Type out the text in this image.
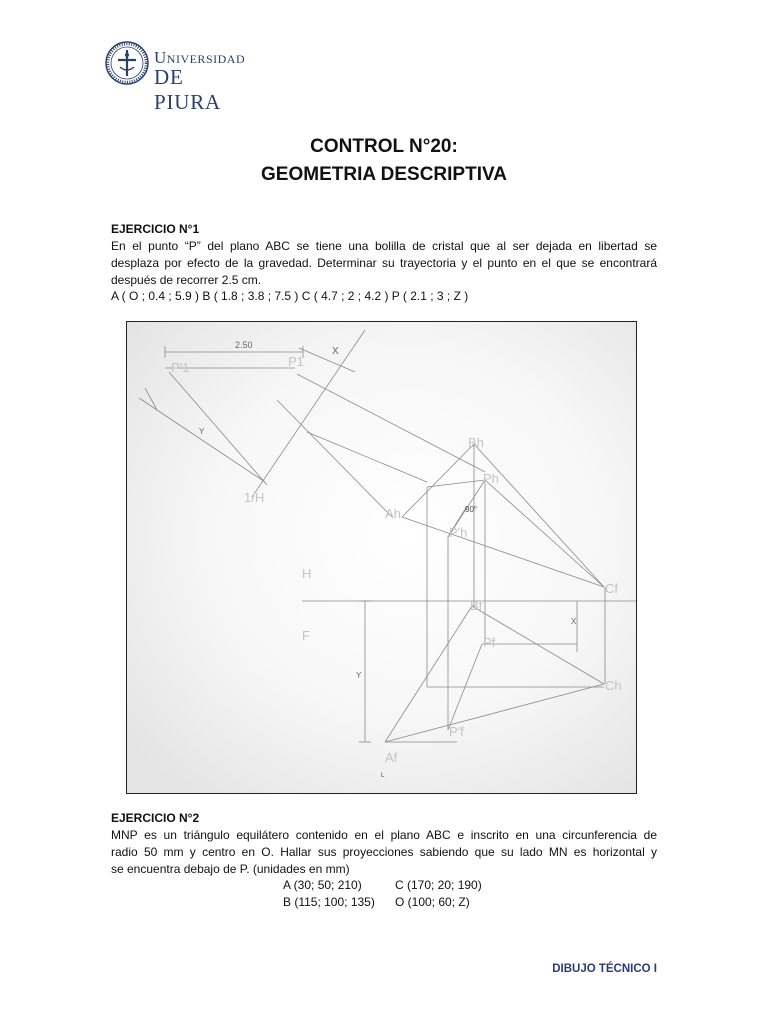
Universidad
DE PIURA
CONTROL N°20:
GEOMETRIA DESCRIPTIVA
EJERCICIO N°1
En el punto “P” del plano ABC se tiene una bolilla de cristal que al ser dejada en libertad se
desplaza por efecto de la gravedad. Determinar su trayectoria y el punto en el que se encontrará
después de recorrer 2.5 cm.
A ( O ; 0.4 ; 5.9 ) B ( 1.8 ; 3.8 ; 7.5 ) C ( 4.7 ; 2 ; 4.2 ) P ( 2.1 ; 3 ; Z )
2.50
X
P'1	P1
Y
1/H
Bh
Ph
Ah	90°
P'h
Cf
H
F
Bf
X
Pf
Y
Ch
P'f
Af
L
EJERCICIO N°2
MNP es un triángulo equilátero contenido en el plano ABC e inscrito en una circunferencia de
radio 50 mm y centro en O. Hallar sus proyecciones sabiendo que su lado MN es horizontal y
se encuentra debajo de P. (unidades en mm)
A (30; 50; 210)	C (170; 20; 190)
B (115; 100; 135) O (100; 60; Z)
DIBUJO TÉCNICO I
